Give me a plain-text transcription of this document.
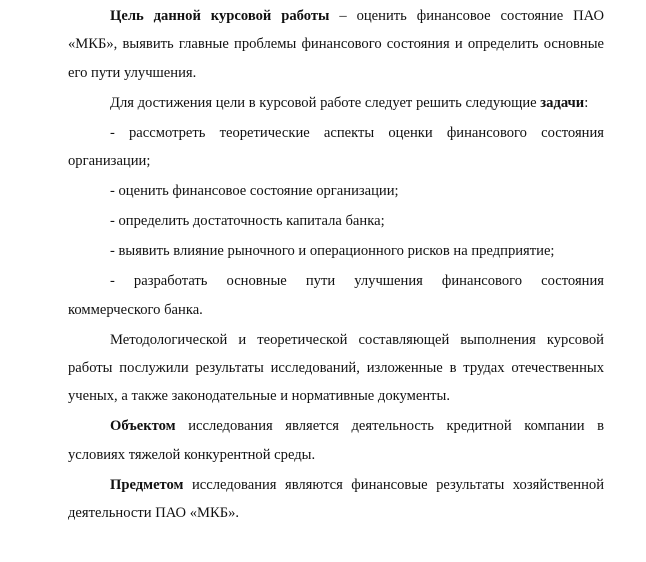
Цель данной курсовой работы – оценить финансовое состояние ПАО «МКБ», выявить главные проблемы финансового состояния и определить основные его пути улучшения.

Для достижения цели в курсовой работе следует решить следующие задачи:

- рассмотреть теоретические аспекты оценки финансового состояния организации;

- оценить финансовое состояние организации;

- определить достаточность капитала банка;

- выявить влияние рыночного и операционного рисков на предприятие;

- разработать основные пути улучшения финансового состояния коммерческого банка.

Методологической и теоретической составляющей выполнения курсовой работы послужили результаты исследований, изложенные в трудах отечественных ученых, а также законодательные и нормативные документы.

Объектом исследования является деятельность кредитной компании в условиях тяжелой конкурентной среды.

Предметом исследования являются финансовые результаты хозяйственной деятельности ПАО «МКБ».
